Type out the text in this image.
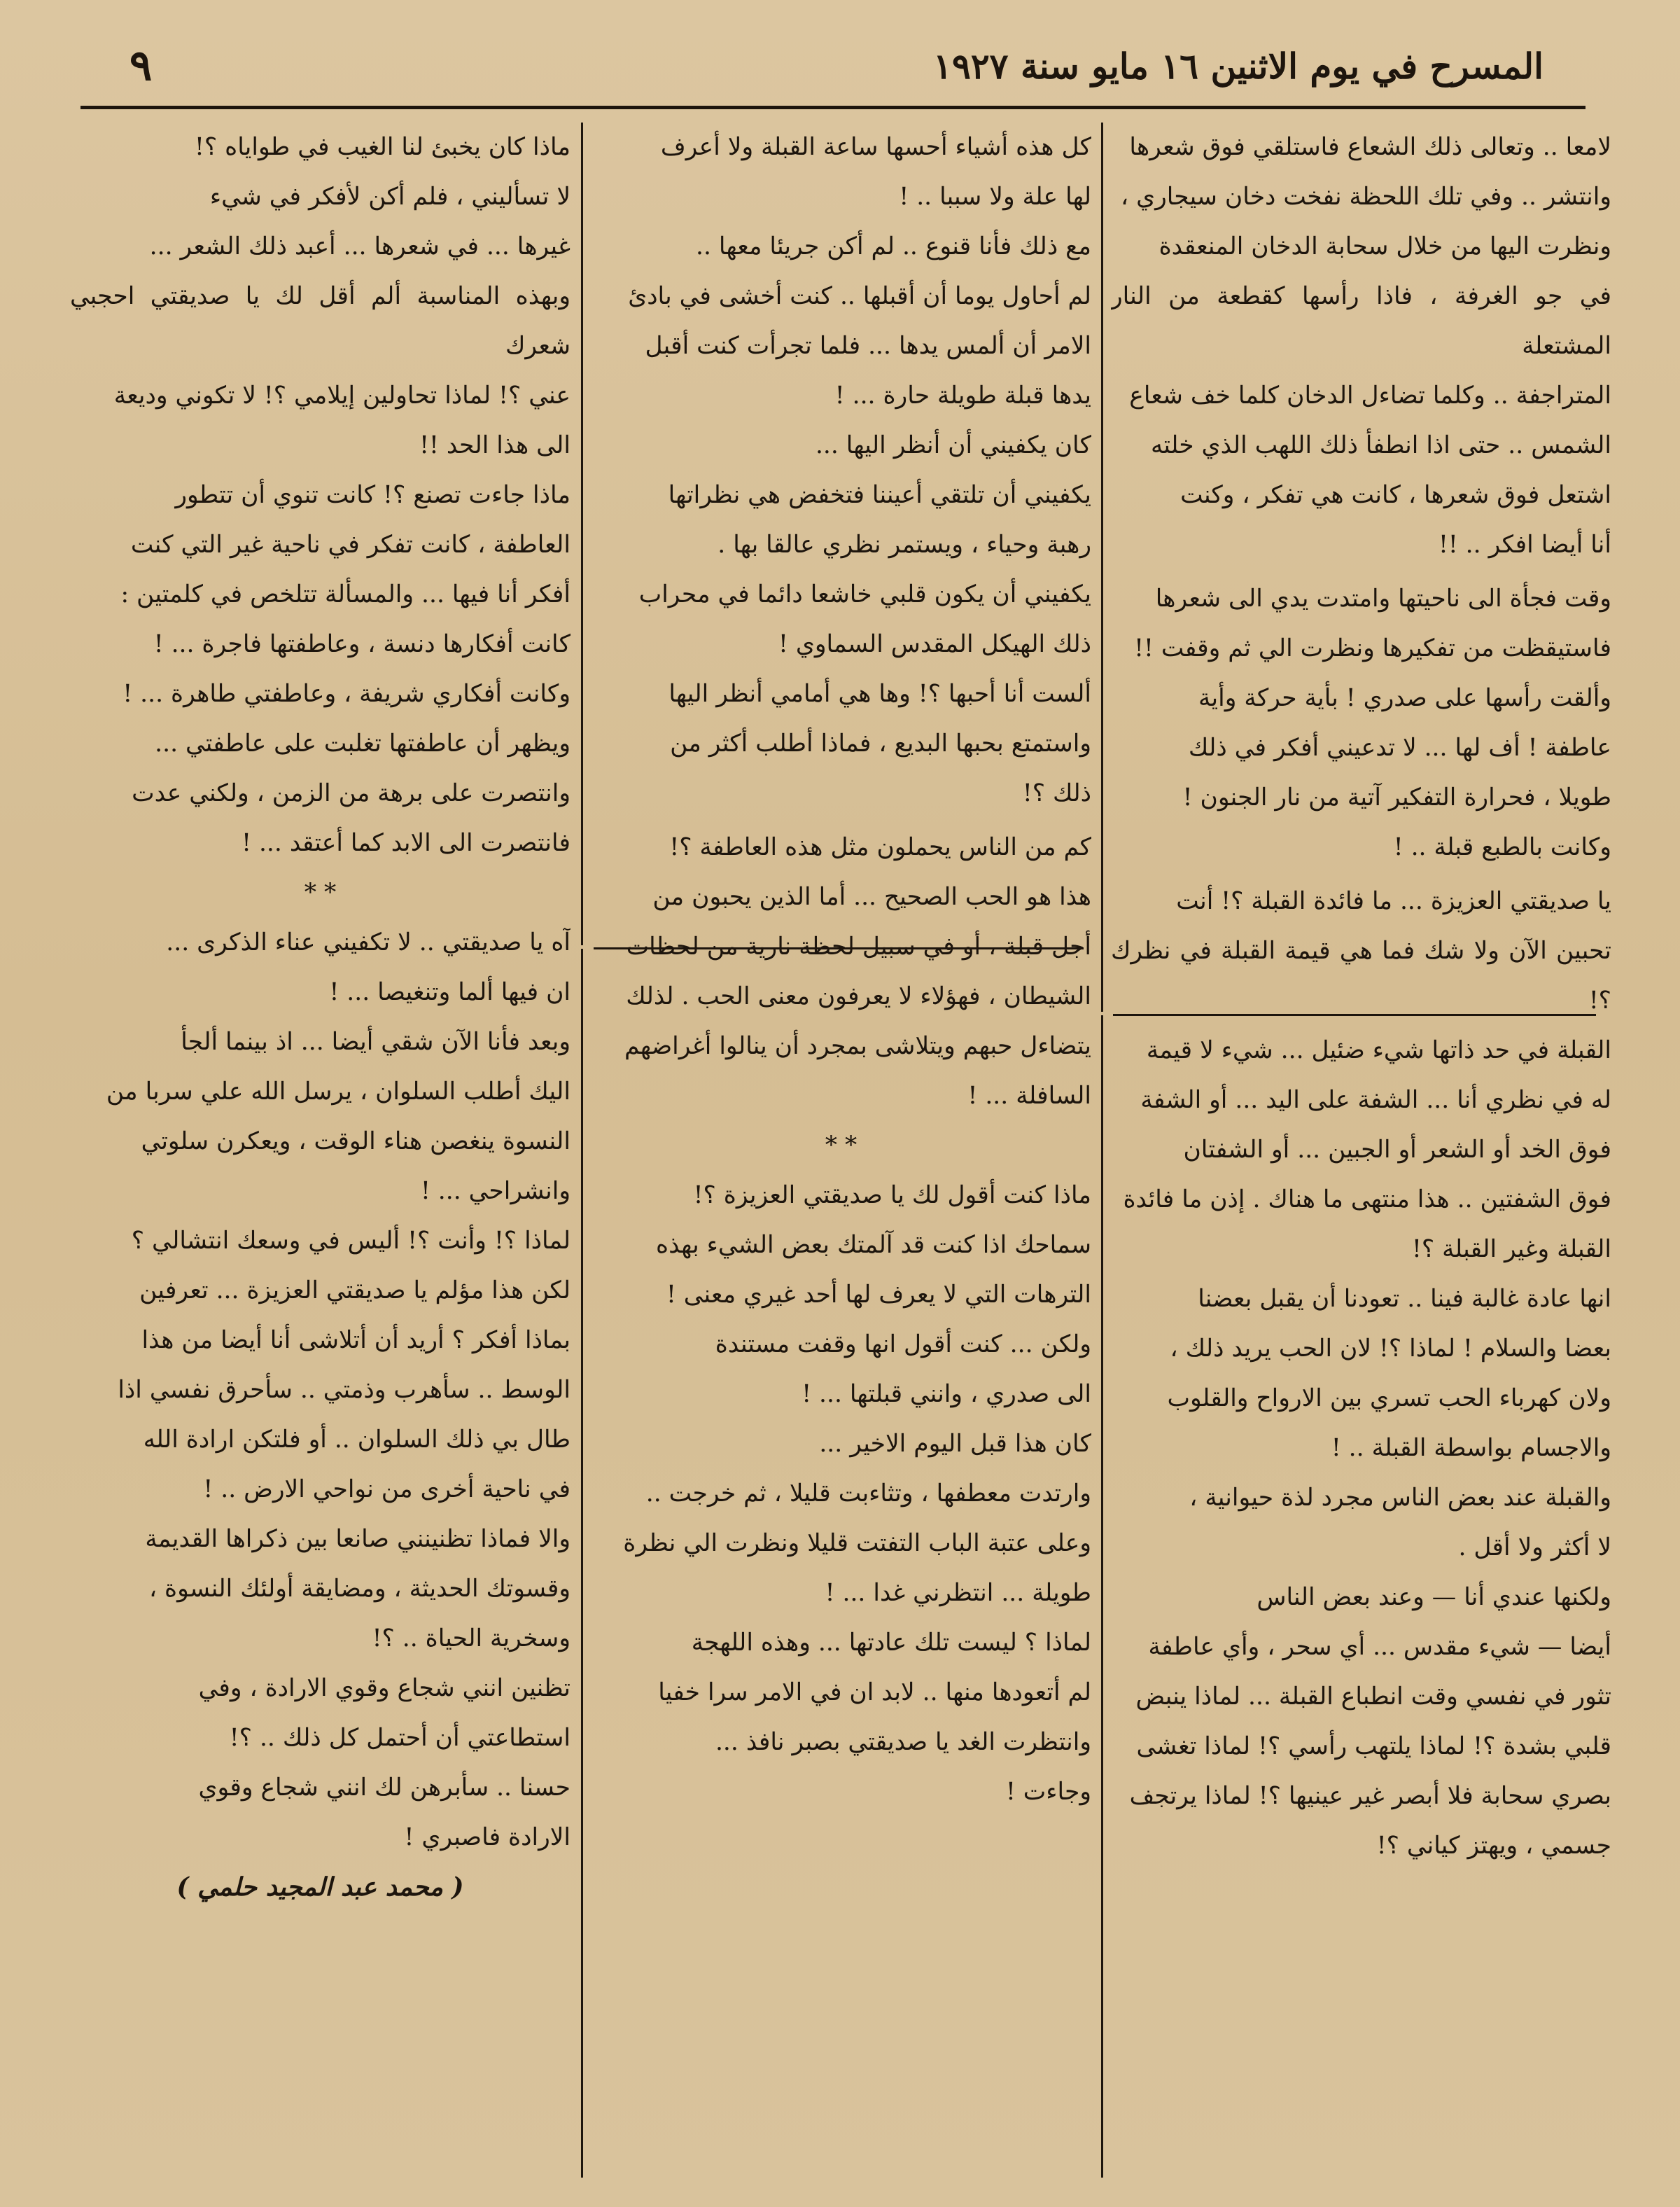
٩	المسرح في يوم الاثنين ١٦ مايو سنة ١٩٢٧

لامعا .. وتعالى ذلك الشعاع فاستلقي فوق شعرها

وانتشر .. وفي تلك اللحظة نفخت دخان سيجاري ،

ونظرت اليها من خلال سحابة الدخان المنعقدة

في جو الغرفة ، فاذا رأسها كقطعة من النار المشتعلة

المتراجفة .. وكلما تضاءل الدخان كلما خف شعاع

الشمس .. حتى اذا انطفأ ذلك اللهب الذي خلته

اشتعل فوق شعرها ، كانت هي تفكر ، وكنت

أنا أيضا افكر .. !!

وقت فجأة الى ناحيتها وامتدت يدي الى شعرها

فاستيقظت من تفكيرها ونظرت الي ثم وقفت !!

وألقت رأسها على صدري ! بأية حركة وأية

عاطفة ! أف لها ... لا تدعيني أفكر في ذلك

طويلا ، فحرارة التفكير آتية من نار الجنون !

وكانت بالطبع قبلة .. !

يا صديقتي العزيزة ... ما فائدة القبلة ؟! أنت

تحبين الآن ولا شك فما هي قيمة القبلة في نظرك ؟!

القبلة في حد ذاتها شيء ضئيل ... شيء لا قيمة

له في نظري أنا ... الشفة على اليد ... أو الشفة

فوق الخد أو الشعر أو الجبين ... أو الشفتان

فوق الشفتين .. هذا منتهى ما هناك . إذن ما فائدة

القبلة وغير القبلة ؟!

انها عادة غالبة فينا .. تعودنا أن يقبل بعضنا

بعضا والسلام ! لماذا ؟! لان الحب يريد ذلك ،

ولان كهرباء الحب تسري بين الارواح والقلوب

والاجسام بواسطة القبلة .. !

والقبلة عند بعض الناس مجرد لذة حيوانية ،

لا أكثر ولا أقل .

ولكنها عندي أنا — وعند بعض الناس

أيضا — شيء مقدس ... أي سحر ، وأي عاطفة

تثور في نفسي وقت انطباع القبلة ... لماذا ينبض

قلبي بشدة ؟! لماذا يلتهب رأسي ؟! لماذا تغشى

بصري سحابة فلا أبصر غير عينيها ؟! لماذا يرتجف

جسمي ، ويهتز كياني ؟!

كل هذه أشياء أحسها ساعة القبلة ولا أعرف

لها علة ولا سببا .. !

مع ذلك فأنا قنوع .. لم أكن جريئا معها ..

لم أحاول يوما أن أقبلها .. كنت أخشى في بادئ

الامر أن ألمس يدها ... فلما تجرأت كنت أقبل

يدها قبلة طويلة حارة ... !

كان يكفيني أن أنظر اليها ...

يكفيني أن تلتقي أعيننا فتخفض هي نظراتها

رهبة وحياء ، ويستمر نظري عالقا بها .

يكفيني أن يكون قلبي خاشعا دائما في محراب

ذلك الهيكل المقدس السماوي !

ألست أنا أحبها ؟! وها هي أمامي أنظر اليها

واستمتع بحبها البديع ، فماذا أطلب أكثر من

ذلك ؟!

كم من الناس يحملون مثل هذه العاطفة ؟!

هذا هو الحب الصحيح ... أما الذين يحبون من

أجل قبلة ، أو في سبيل لحظة نارية من لحظات

الشيطان ، فهؤلاء لا يعرفون معنى الحب . لذلك

يتضاءل حبهم ويتلاشى بمجرد أن ينالوا أغراضهم

السافلة ... !

* *

ماذا كنت أقول لك يا صديقتي العزيزة ؟!

سماحك اذا كنت قد آلمتك بعض الشيء بهذه

الترهات التي لا يعرف لها أحد غيري معنى !

ولكن ... كنت أقول انها وقفت مستندة

الى صدري ، وانني قبلتها ... !

كان هذا قبل اليوم الاخير ...

وارتدت معطفها ، وتثاءبت قليلا ، ثم خرجت ..

وعلى عتبة الباب التفتت قليلا ونظرت الي نظرة

طويلة ... انتظرني غدا ... !

لماذا ؟ ليست تلك عادتها ... وهذه اللهجة

لم أتعودها منها .. لابد ان في الامر سرا خفيا

وانتظرت الغد يا صديقتي بصبر نافذ ...

وجاءت !

ماذا كان يخبئ لنا الغيب في طواياه ؟!

لا تسأليني ، فلم أكن لأفكر في شيء

غيرها ... في شعرها ... أعبد ذلك الشعر ...

وبهذه المناسبة ألم أقل لك يا صديقتي احجبي شعرك

عني ؟! لماذا تحاولين إيلامي ؟! لا تكوني وديعة

الى هذا الحد !!

ماذا جاءت تصنع ؟! كانت تنوي أن تتطور

العاطفة ، كانت تفكر في ناحية غير التي كنت

أفكر أنا فيها ... والمسألة تتلخص في كلمتين :

كانت أفكارها دنسة ، وعاطفتها فاجرة ... !

وكانت أفكاري شريفة ، وعاطفتي طاهرة ... !

ويظهر أن عاطفتها تغلبت على عاطفتي ...

وانتصرت على برهة من الزمن ، ولكني عدت

فانتصرت الى الابد كما أعتقد ... !

* *

آه يا صديقتي .. لا تكفيني عناء الذكرى ...

ان فيها ألما وتنغيصا ... !

وبعد فأنا الآن شقي أيضا ... اذ بينما ألجأ

اليك أطلب السلوان ، يرسل الله علي سربا من

النسوة ينغصن هناء الوقت ، ويعكرن سلوتي

وانشراحي ... !

لماذا ؟! وأنت ؟! أليس في وسعك انتشالي ؟

لكن هذا مؤلم يا صديقتي العزيزة ... تعرفين

بماذا أفكر ؟ أريد أن أتلاشى أنا أيضا من هذا

الوسط .. سأهرب وذمتي .. سأحرق نفسي اذا

طال بي ذلك السلوان .. أو فلتكن ارادة الله

في ناحية أخرى من نواحي الارض .. !

والا فماذا تظنينني صانعا بين ذكراها القديمة

وقسوتك الحديثة ، ومضايقة أولئك النسوة ،

وسخرية الحياة .. ؟!

تظنين انني شجاع وقوي الارادة ، وفي

استطاعتي أن أحتمل كل ذلك .. ؟!

حسنا .. سأبرهن لك انني شجاع وقوي

الارادة فاصبري !

( محمد عبد المجيد حلمي )
